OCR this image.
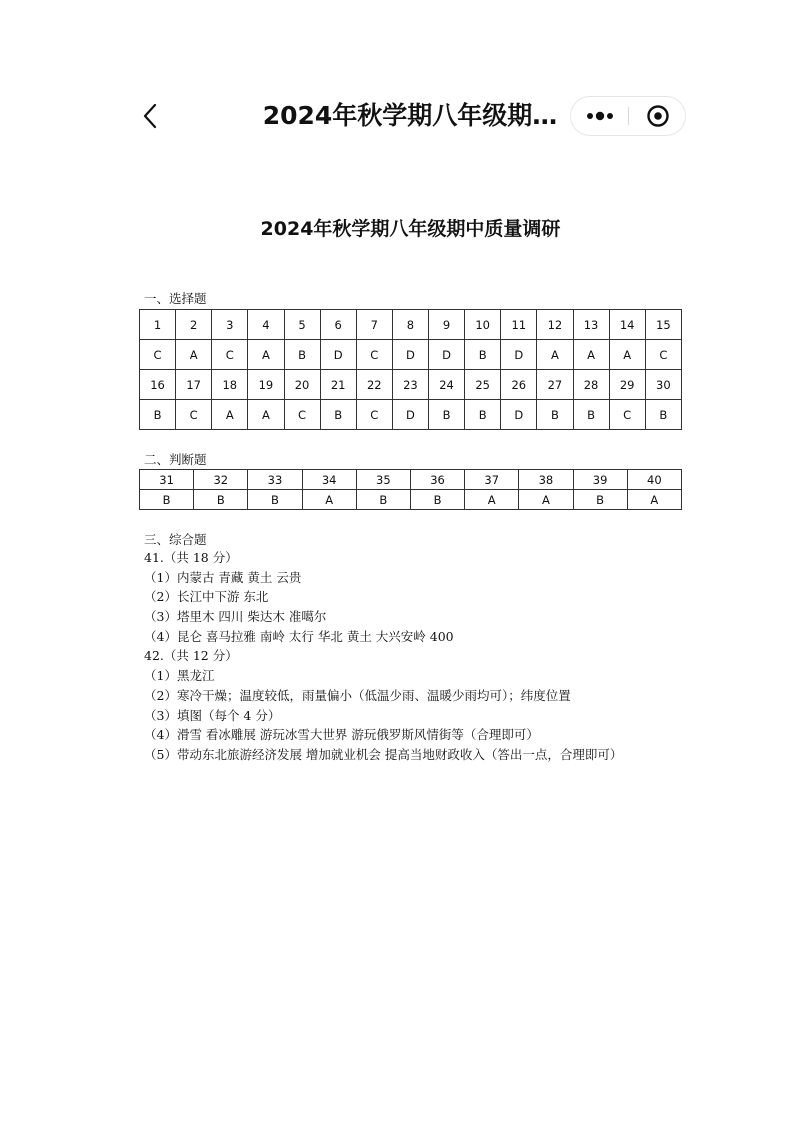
2024年秋学期八年级期…
2024年秋学期八年级期中质量调研
一、选择题
1	2	3	4	5	6	7	8	9	10	11	12	13	14	15
C	A	C	A	B	D	C	D	D	B	D	A	A	A	C
16	17	18	19	20	21	22	23	24	25	26	27	28	29	30
B	C	A	A	C	B	C	D	B	B	D	B	B	C	B
二、判断题
31	32	33	34	35	36	37	38	39	40
B	B	B	A	B	B	A	A	B	A
三、综合题
41.（共 18 分）
（1）内蒙古 青藏 黄土 云贵
（2）长江中下游 东北
（3）塔里木 四川 柴达木 准噶尔
（4）昆仑 喜马拉雅 南岭 太行 华北 黄土 大兴安岭 400
42.（共 12 分）
（1）黑龙江
（2）寒冷干燥；温度较低，雨量偏小（低温少雨、温暖少雨均可）；纬度位置
（3）填图（每个 4 分）
（4）滑雪 看冰雕展 游玩冰雪大世界 游玩俄罗斯风情街等（合理即可）
（5）带动东北旅游经济发展 增加就业机会 提高当地财政收入（答出一点，合理即可）
